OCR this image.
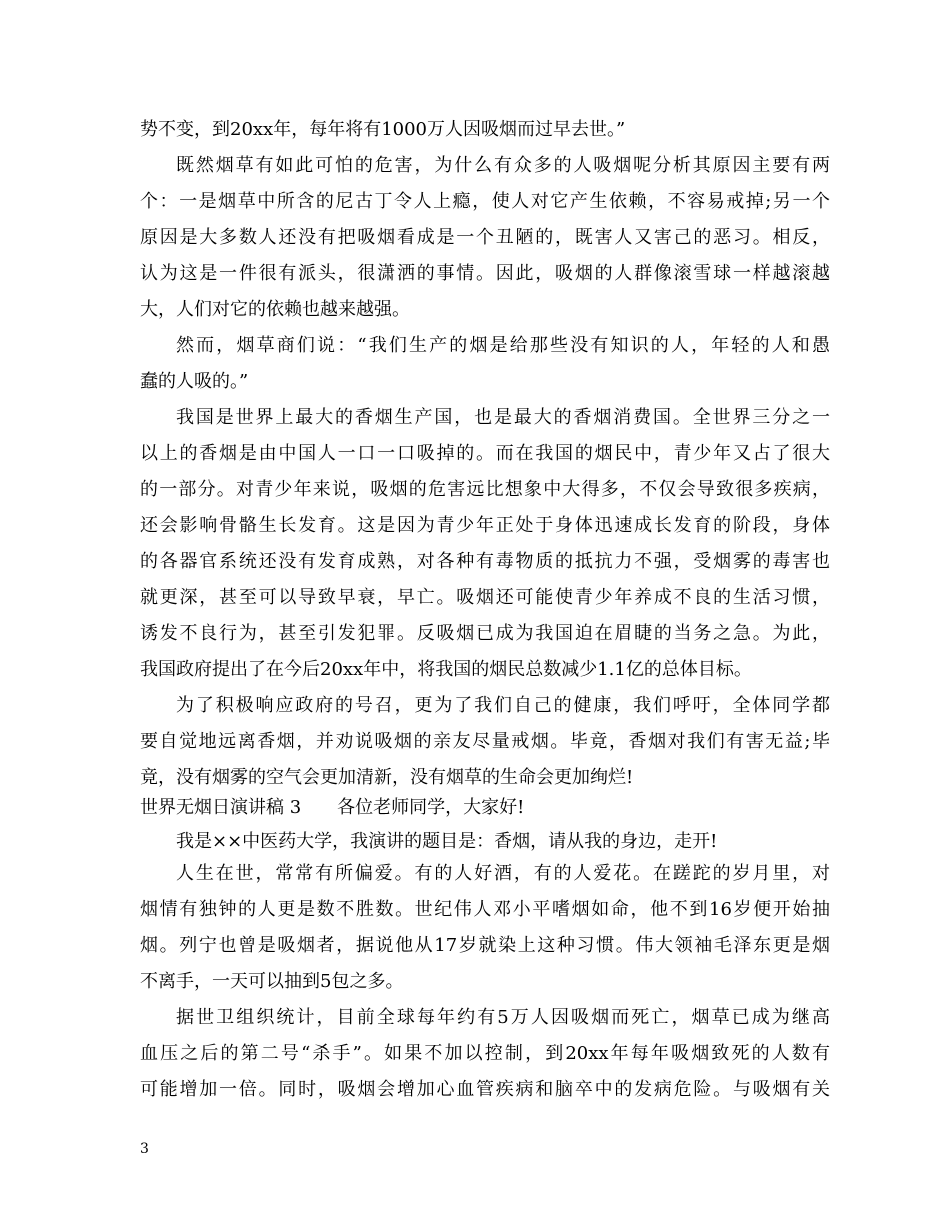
势不变，到20xx年，每年将有1000万人因吸烟而过早去世。”
既然烟草有如此可怕的危害，为什么有众多的人吸烟呢分析其原因主要有两
个：一是烟草中所含的尼古丁令人上瘾，使人对它产生依赖，不容易戒掉;另一个
原因是大多数人还没有把吸烟看成是一个丑陋的，既害人又害己的恶习。相反，
认为这是一件很有派头，很潇洒的事情。因此，吸烟的人群像滚雪球一样越滚越
大，人们对它的依赖也越来越强。
然而，烟草商们说：“我们生产的烟是给那些没有知识的人，年轻的人和愚
蠢的人吸的。”
我国是世界上最大的香烟生产国，也是最大的香烟消费国。全世界三分之一
以上的香烟是由中国人一口一口吸掉的。而在我国的烟民中，青少年又占了很大
的一部分。对青少年来说，吸烟的危害远比想象中大得多，不仅会导致很多疾病，
还会影响骨骼生长发育。这是因为青少年正处于身体迅速成长发育的阶段，身体
的各器官系统还没有发育成熟，对各种有毒物质的抵抗力不强，受烟雾的毒害也
就更深，甚至可以导致早衰，早亡。吸烟还可能使青少年养成不良的生活习惯，
诱发不良行为，甚至引发犯罪。反吸烟已成为我国迫在眉睫的当务之急。为此，
我国政府提出了在今后20xx年中，将我国的烟民总数减少1.1亿的总体目标。
为了积极响应政府的号召，更为了我们自己的健康，我们呼吁，全体同学都
要自觉地远离香烟，并劝说吸烟的亲友尽量戒烟。毕竟，香烟对我们有害无益;毕
竟，没有烟雾的空气会更加清新，没有烟草的生命会更加绚烂!
世界无烟日演讲稿 3　　各位老师同学，大家好!
我是××中医药大学，我演讲的题目是：香烟，请从我的身边，走开!
人生在世，常常有所偏爱。有的人好酒，有的人爱花。在蹉跎的岁月里，对
烟情有独钟的人更是数不胜数。世纪伟人邓小平嗜烟如命，他不到16岁便开始抽
烟。列宁也曾是吸烟者，据说他从17岁就染上这种习惯。伟大领袖毛泽东更是烟
不离手，一天可以抽到5包之多。
据世卫组织统计，目前全球每年约有5万人因吸烟而死亡，烟草已成为继高
血压之后的第二号“杀手”。如果不加以控制，到20xx年每年吸烟致死的人数有
可能增加一倍。同时，吸烟会增加心血管疾病和脑卒中的发病危险。与吸烟有关
3
